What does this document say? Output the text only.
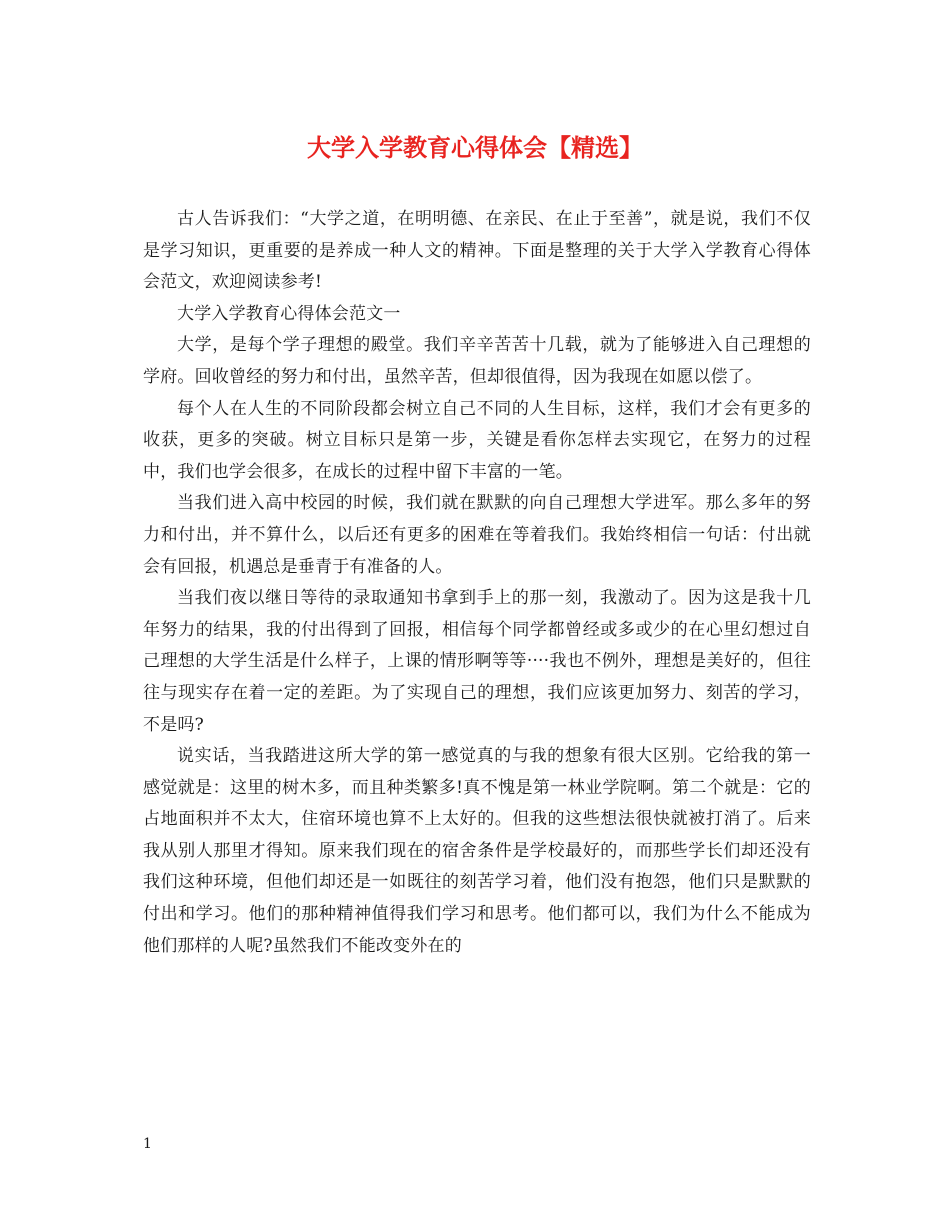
大学入学教育心得体会【精选】

古人告诉我们：“大学之道，在明明德、在亲民、在止于至善”，就是说，我们不仅是学习知识，更重要的是养成一种人文的精神。下面是整理的关于大学入学教育心得体会范文，欢迎阅读参考!

大学入学教育心得体会范文一

大学，是每个学子理想的殿堂。我们辛辛苦苦十几载，就为了能够进入自己理想的学府。回收曾经的努力和付出，虽然辛苦，但却很值得，因为我现在如愿以偿了。

每个人在人生的不同阶段都会树立自己不同的人生目标，这样，我们才会有更多的收获，更多的突破。树立目标只是第一步，关键是看你怎样去实现它，在努力的过程中，我们也学会很多，在成长的过程中留下丰富的一笔。

当我们进入高中校园的时候，我们就在默默的向自己理想大学进军。那么多年的努力和付出，并不算什么，以后还有更多的困难在等着我们。我始终相信一句话：付出就会有回报，机遇总是垂青于有准备的人。

当我们夜以继日等待的录取通知书拿到手上的那一刻，我激动了。因为这是我十几年努力的结果，我的付出得到了回报，相信每个同学都曾经或多或少的在心里幻想过自己理想的大学生活是什么样子，上课的情形啊等等····我也不例外，理想是美好的，但往往与现实存在着一定的差距。为了实现自己的理想，我们应该更加努力、刻苦的学习，不是吗?

说实话，当我踏进这所大学的第一感觉真的与我的想象有很大区别。它给我的第一感觉就是：这里的树木多，而且种类繁多!真不愧是第一林业学院啊。第二个就是：它的占地面积并不太大，住宿环境也算不上太好的。但我的这些想法很快就被打消了。后来我从别人那里才得知。原来我们现在的宿舍条件是学校最好的，而那些学长们却还没有我们这种环境，但他们却还是一如既往的刻苦学习着，他们没有抱怨，他们只是默默的付出和学习。他们的那种精神值得我们学习和思考。他们都可以，我们为什么不能成为他们那样的人呢?虽然我们不能改变外在的

1
